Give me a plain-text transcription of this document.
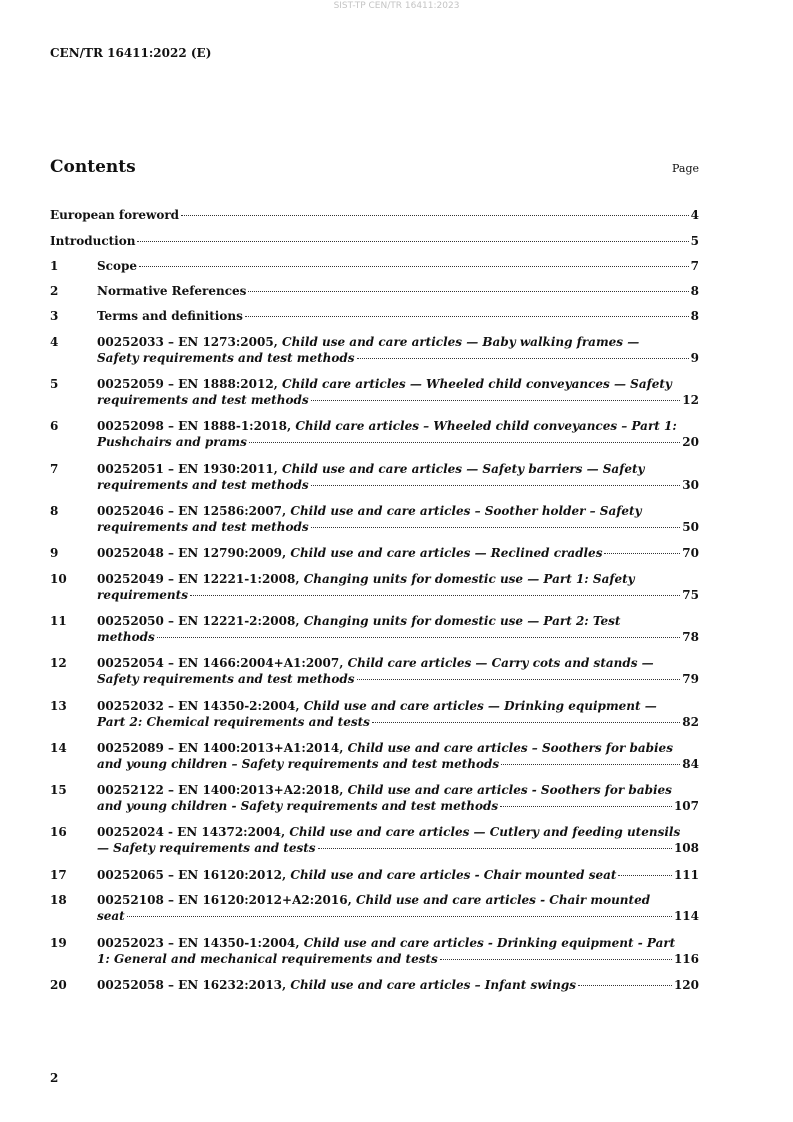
SIST-TP CEN/TR 16411:2023
CEN/TR 16411:2022 (E)
Contents	Page
European foreword	4
Introduction	5
1	Scope	7
2	Normative References	8
3	Terms and definitions	8
4	00252033 – EN 1273:2005, Child use and care articles — Baby walking frames —
Safety requirements and test methods	9
5	00252059 – EN 1888:2012, Child care articles — Wheeled child conveyances — Safety
requirements and test methods	12
6	00252098 – EN 1888-1:2018, Child care articles – Wheeled child conveyances – Part 1:
Pushchairs and prams	20
7	00252051 – EN 1930:2011, Child use and care articles — Safety barriers — Safety
requirements and test methods	30
8	00252046 – EN 12586:2007, Child use and care articles – Soother holder – Safety
requirements and test methods	50
9	00252048 – EN 12790:2009, Child use and care articles — Reclined cradles	70
10	00252049 – EN 12221-1:2008, Changing units for domestic use — Part 1: Safety
requirements	75
11	00252050 – EN 12221-2:2008, Changing units for domestic use — Part 2: Test
methods	78
12	00252054 – EN 1466:2004+A1:2007, Child care articles — Carry cots and stands —
Safety requirements and test methods	79
13	00252032 – EN 14350-2:2004, Child use and care articles — Drinking equipment —
Part 2: Chemical requirements and tests	82
14	00252089 – EN 1400:2013+A1:2014, Child use and care articles – Soothers for babies
and young children – Safety requirements and test methods	84
15	00252122 – EN 1400:2013+A2:2018, Child use and care articles - Soothers for babies
and young children - Safety requirements and test methods	107
16	00252024 - EN 14372:2004, Child use and care articles — Cutlery and feeding utensils
— Safety requirements and tests	108
17	00252065 – EN 16120:2012, Child use and care articles - Chair mounted seat	111
18	00252108 – EN 16120:2012+A2:2016, Child use and care articles - Chair mounted
seat	114
19	00252023 – EN 14350-1:2004, Child use and care articles - Drinking equipment - Part
1: General and mechanical requirements and tests	116
20	00252058 – EN 16232:2013, Child use and care articles – Infant swings	120
2
